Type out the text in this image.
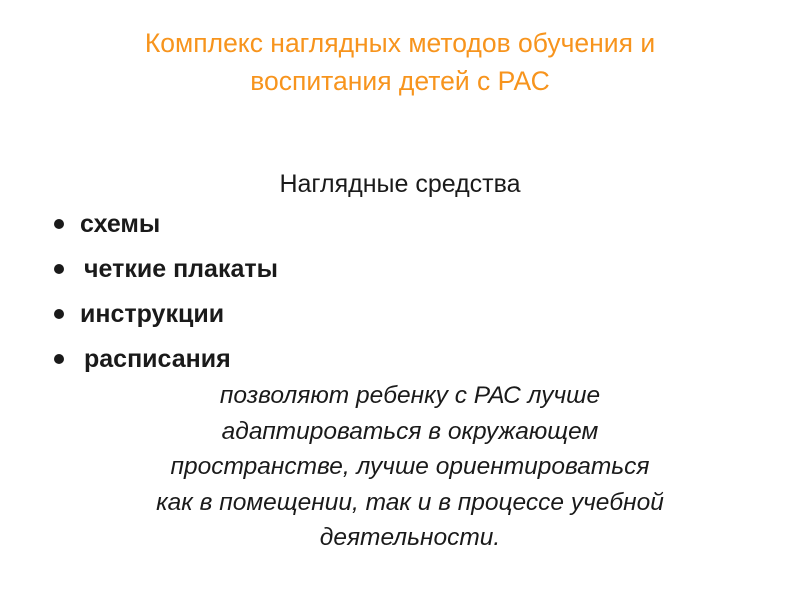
Комплекс наглядных методов обучения и
воспитания детей с РАС
Наглядные средства
схемы
четкие плакаты
инструкции
расписания
позволяют ребенку с РАС лучше
адаптироваться в окружающем
пространстве, лучше ориентироваться
как в помещении, так и в процессе учебной
деятельности.
